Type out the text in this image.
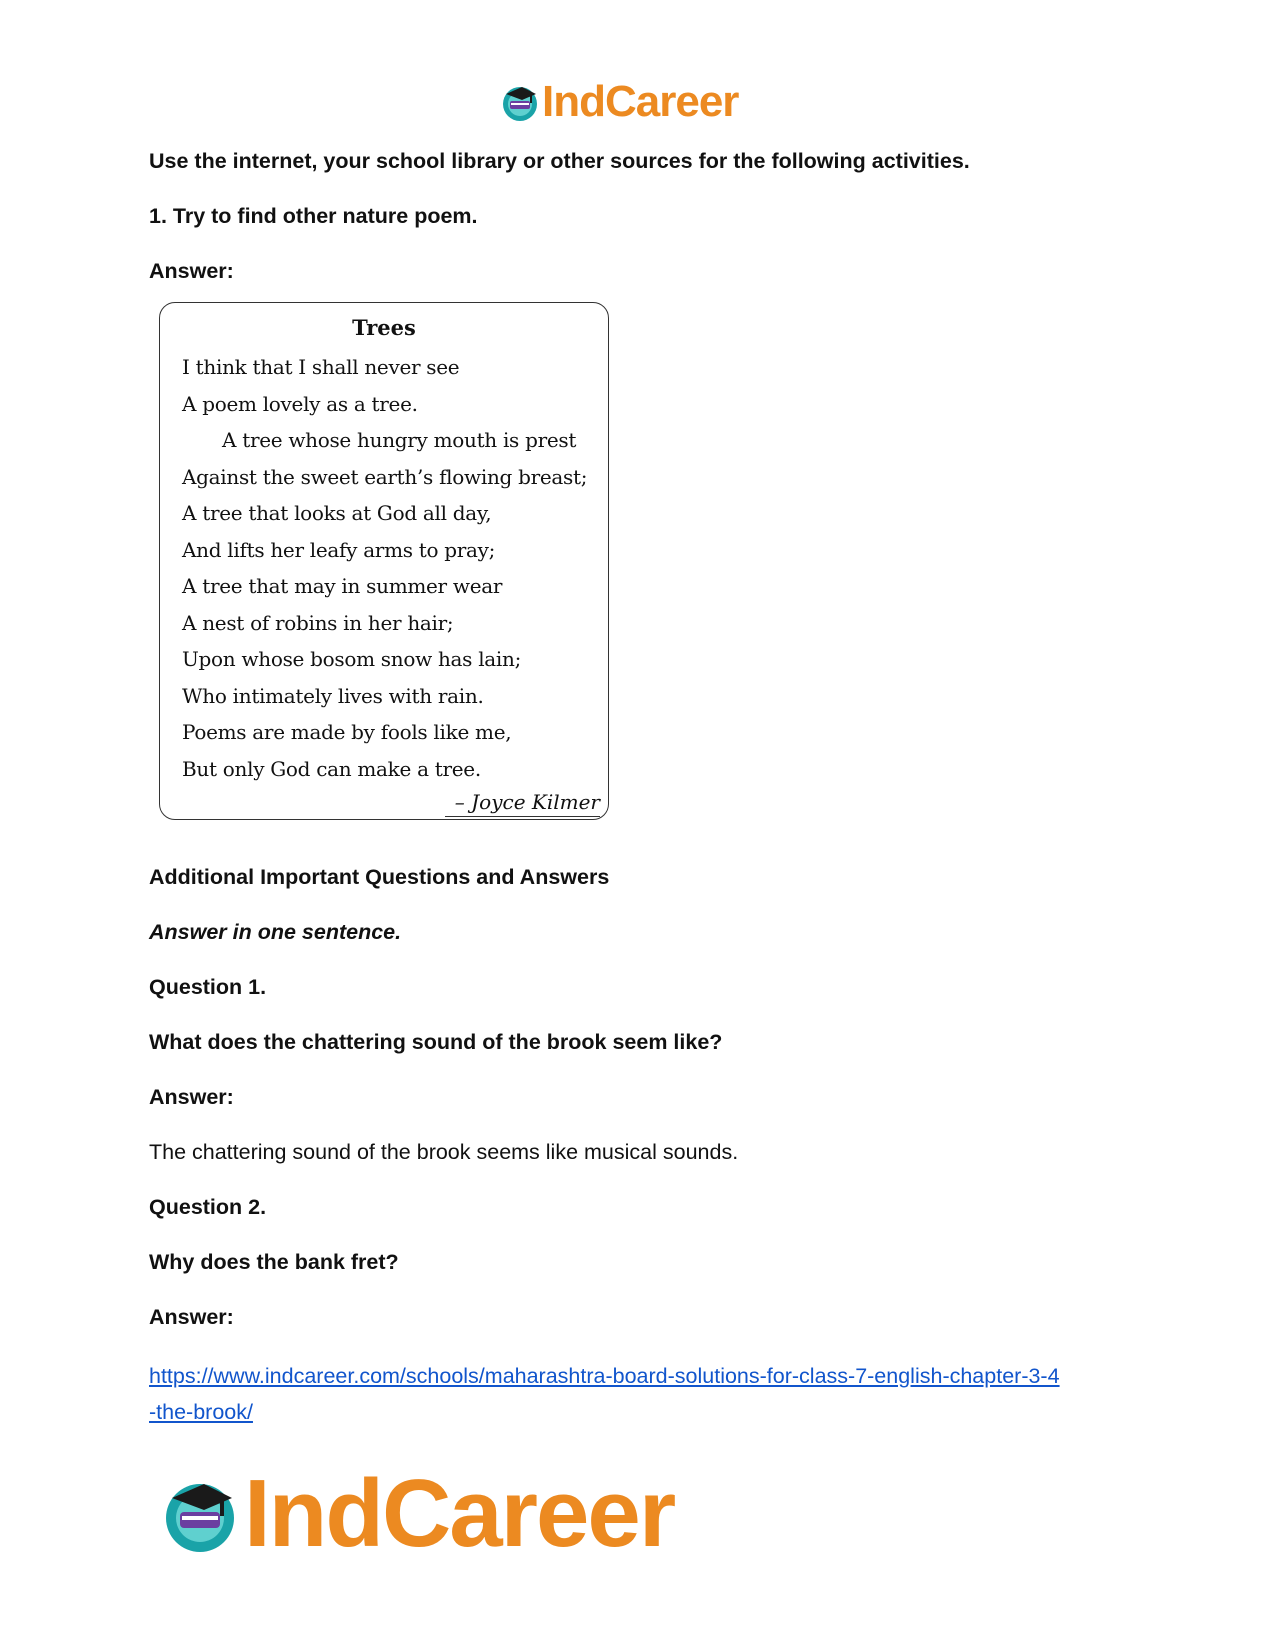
IndCareer

Use the internet, your school library or other sources for the following activities.

1. Try to find other nature poem.

Answer:

Trees
I think that I shall never see
A poem lovely as a tree.
A tree whose hungry mouth is prest
Against the sweet earth’s flowing breast;
A tree that looks at God all day,
And lifts her leafy arms to pray;
A tree that may in summer wear
A nest of robins in her hair;
Upon whose bosom snow has lain;
Who intimately lives with rain.
Poems are made by fools like me,
But only God can make a tree.
– Joyce Kilmer

Additional Important Questions and Answers

Answer in one sentence.

Question 1.

What does the chattering sound of the brook seem like?

Answer:

The chattering sound of the brook seems like musical sounds.

Question 2.

Why does the bank fret?

Answer:

https://www.indcareer.com/schools/maharashtra-board-solutions-for-class-7-english-chapter-3-4
-the-brook/
IndCareer
